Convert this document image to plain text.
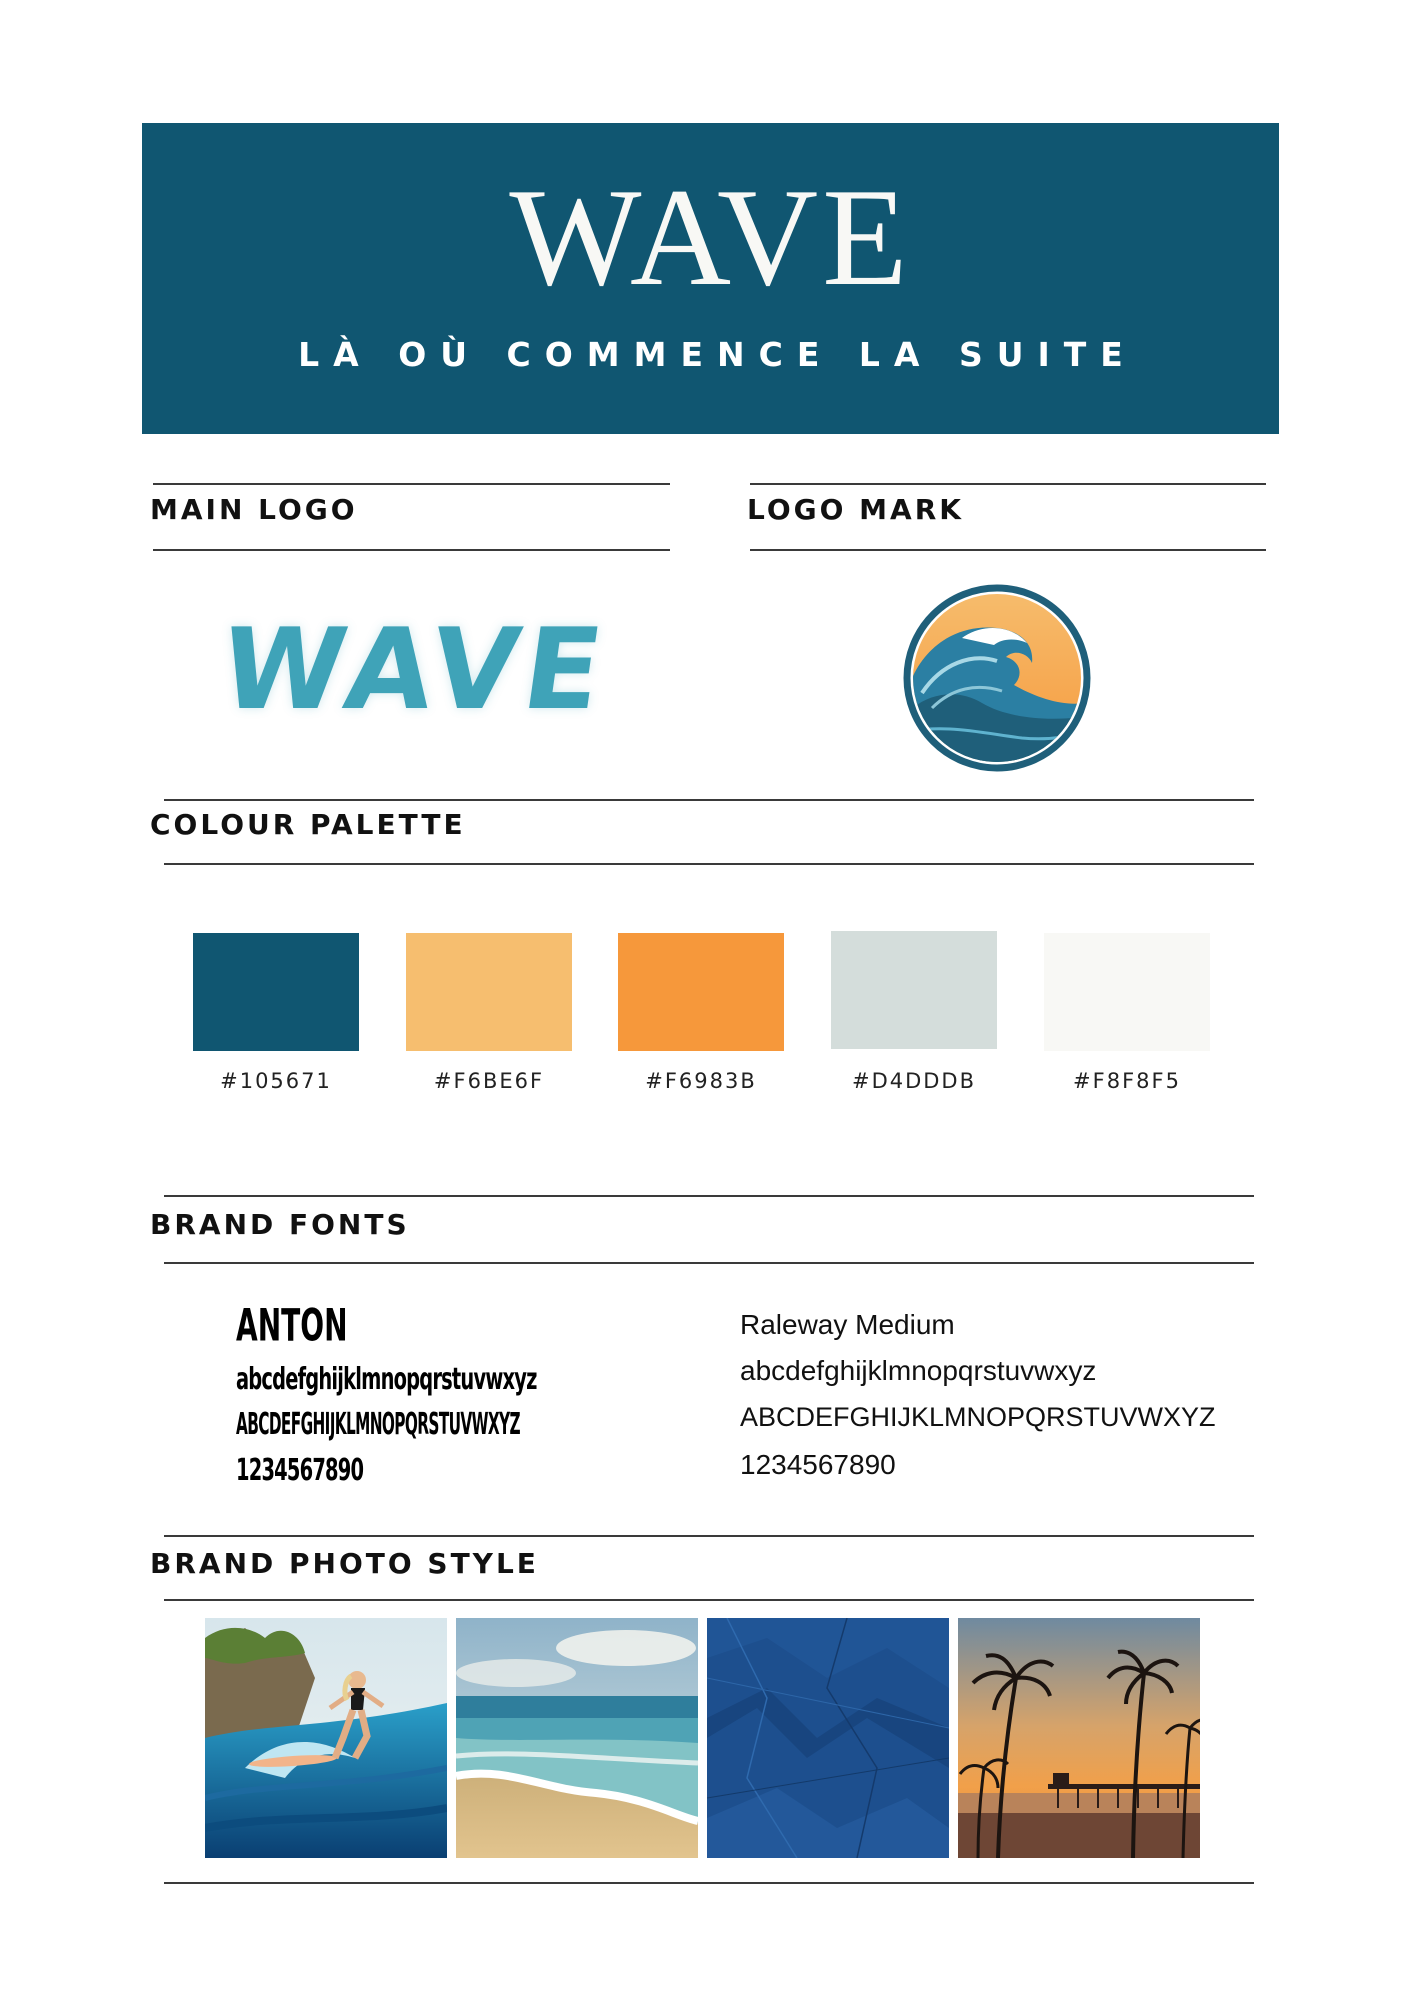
WAVE
LÀ OÙ COMMENCE LA SUITE
MAIN LOGO	LOGO MARK
WAVE
COLOUR PALETTE
#105671	#F6BE6F	#F6983B	#D4DDDB	#F8F8F5
BRAND FONTS
ANTON
abcdefghijklmnopqrstuvwxyz
ABCDEFGHIJKLMNOPQRSTUVWXYZ
1234567890
Raleway Medium
abcdefghijklmnopqrstuvwxyz
ABCDEFGHIJKLMNOPQRSTUVWXYZ
1234567890
BRAND PHOTO STYLE
